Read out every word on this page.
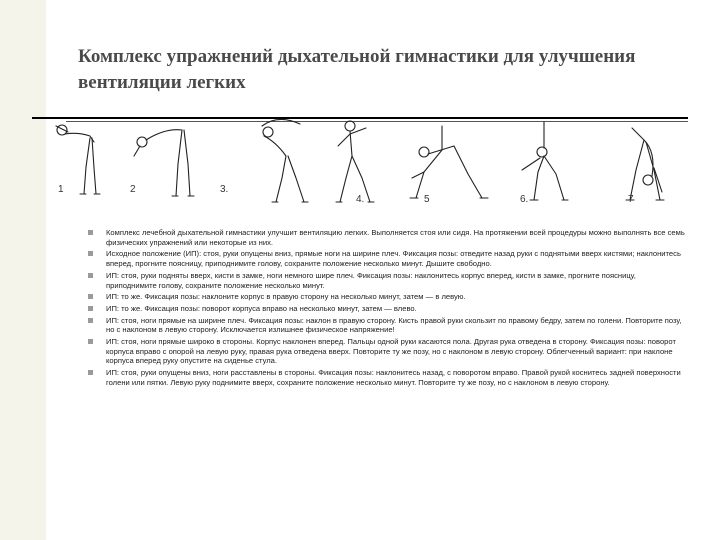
Комплекс упражнений дыхательной гимнастики для улучшения вентиляции легких
1	2	3.
4.	5	6.	7
Комплекс лечебной дыхательной гимнастики улучшит вентиляцию легких. Выполняется стоя или сидя. На протяжении всей процедуры можно выполнять все семь физических упражнений или некоторые из них.
Исходное положение (ИП): стоя, руки опущены вниз, прямые ноги на ширине плеч. Фиксация позы: отведите назад руки с поднятыми вверх кистями; наклонитесь вперед, прогните поясницу, приподнимите голову, сохраните положение несколько минут. Дышите свободно.
ИП: стоя, руки подняты вверх, кисти в замке, ноги немного шире плеч. Фиксация позы: наклонитесь корпус вперед, кисти в замке, прогните поясницу, приподнимите голову, сохраните положение несколько минут.
ИП: то же. Фиксация позы: наклоните корпус в правую сторону на несколько минут, затем — в левую.
ИП: то же. Фиксация позы: поворот корпуса вправо на несколько минут, затем — влево.
ИП: стоя, ноги прямые на ширине плеч. Фиксация позы: наклон в правую сторону. Кисть правой руки скользит по правому бедру, затем по голени. Повторите позу, но с наклоном в левую сторону. Исключается излишнее физическое напряжение!
ИП: стоя, ноги прямые широко в стороны. Корпус наклонен вперед. Пальцы одной руки касаются пола. Другая рука отведена в сторону. Фиксация позы: поворот корпуса вправо с опорой на левую руку, правая рука отведена вверх. Повторите ту же позу, но с наклоном в левую сторону. Облегченный вариант: при наклоне корпуса вперед руку опустите на сиденье стула.
ИП: стоя, руки опущены вниз, ноги расставлены в стороны. Фиксация позы: наклонитесь назад, с поворотом вправо. Правой рукой коснитесь задней поверхности голени или пятки. Левую руку поднимите вверх, сохраните положение несколько минут. Повторите ту же позу, но с наклоном в левую сторону.
